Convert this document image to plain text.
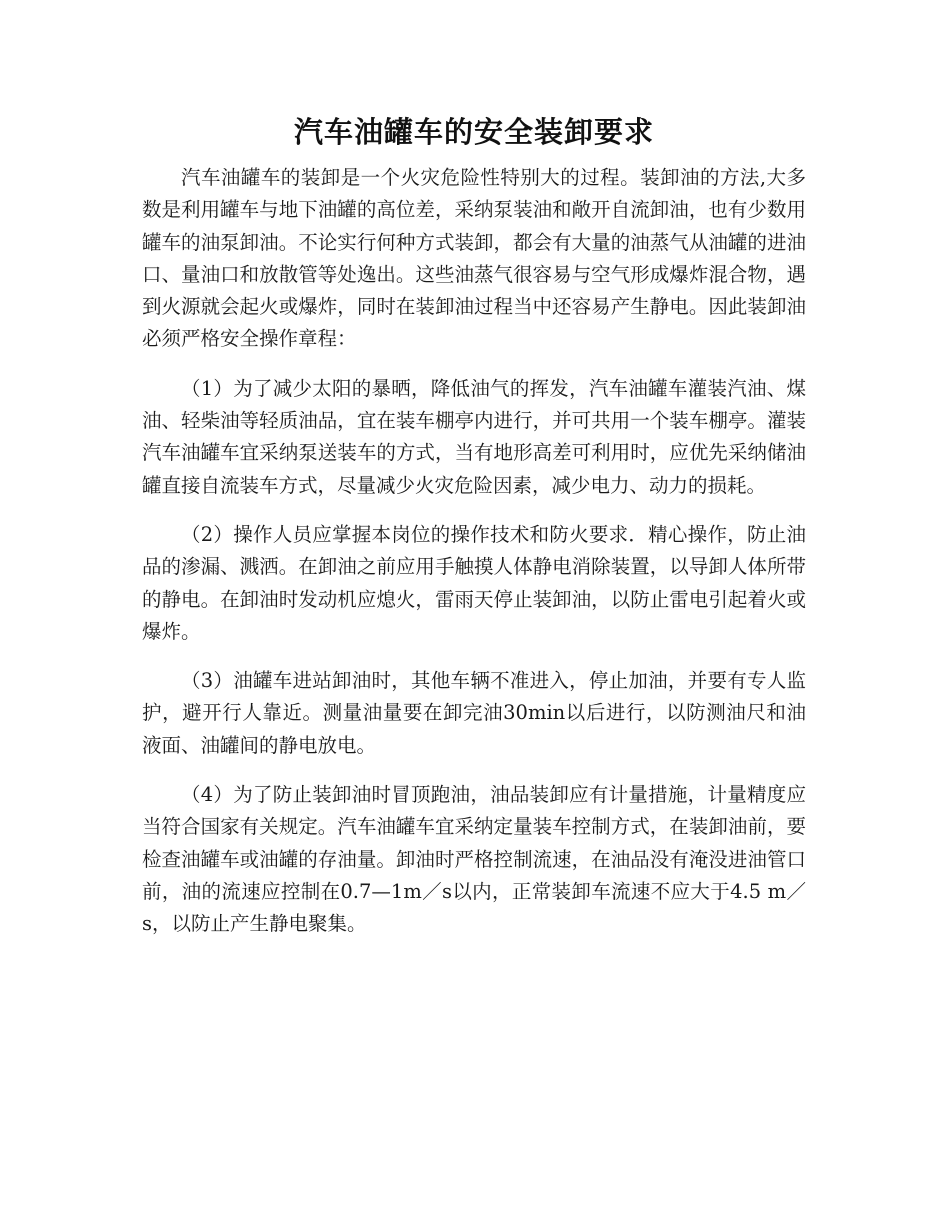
汽车油罐车的安全装卸要求

汽车油罐车的装卸是一个火灾危险性特别大的过程。装卸油的方法,大多数是利用罐车与地下油罐的高位差，采纳泵装油和敞开自流卸油，也有少数用罐车的油泵卸油。不论实行何种方式装卸，都会有大量的油蒸气从油罐的进油口、量油口和放散管等处逸出。这些油蒸气很容易与空气形成爆炸混合物，遇到火源就会起火或爆炸，同时在装卸油过程当中还容易产生静电。因此装卸油必须严格安全操作章程：

（1）为了减少太阳的暴晒，降低油气的挥发，汽车油罐车灌装汽油、煤油、轻柴油等轻质油品，宜在装车棚亭内进行，并可共用一个装车棚亭。灌装汽车油罐车宜采纳泵送装车的方式，当有地形高差可利用时，应优先采纳储油罐直接自流装车方式，尽量减少火灾危险因素，减少电力、动力的损耗。

（2）操作人员应掌握本岗位的操作技术和防火要求．精心操作，防止油品的渗漏、溅洒。在卸油之前应用手触摸人体静电消除装置，以导卸人体所带的静电。在卸油时发动机应熄火，雷雨天停止装卸油，以防止雷电引起着火或爆炸。

（3）油罐车进站卸油时，其他车辆不准进入，停止加油，并要有专人监护，避开行人靠近。测量油量要在卸完油30min以后进行，以防测油尺和油液面、油罐间的静电放电。

（4）为了防止装卸油时冒顶跑油，油品装卸应有计量措施，计量精度应当符合国家有关规定。汽车油罐车宜采纳定量装车控制方式，在装卸油前，要检查油罐车或油罐的存油量。卸油时严格控制流速，在油品没有淹没进油管口前，油的流速应控制在0.7—1m／s以内，正常装卸车流速不应大于4.5 m／s，以防止产生静电聚集。
